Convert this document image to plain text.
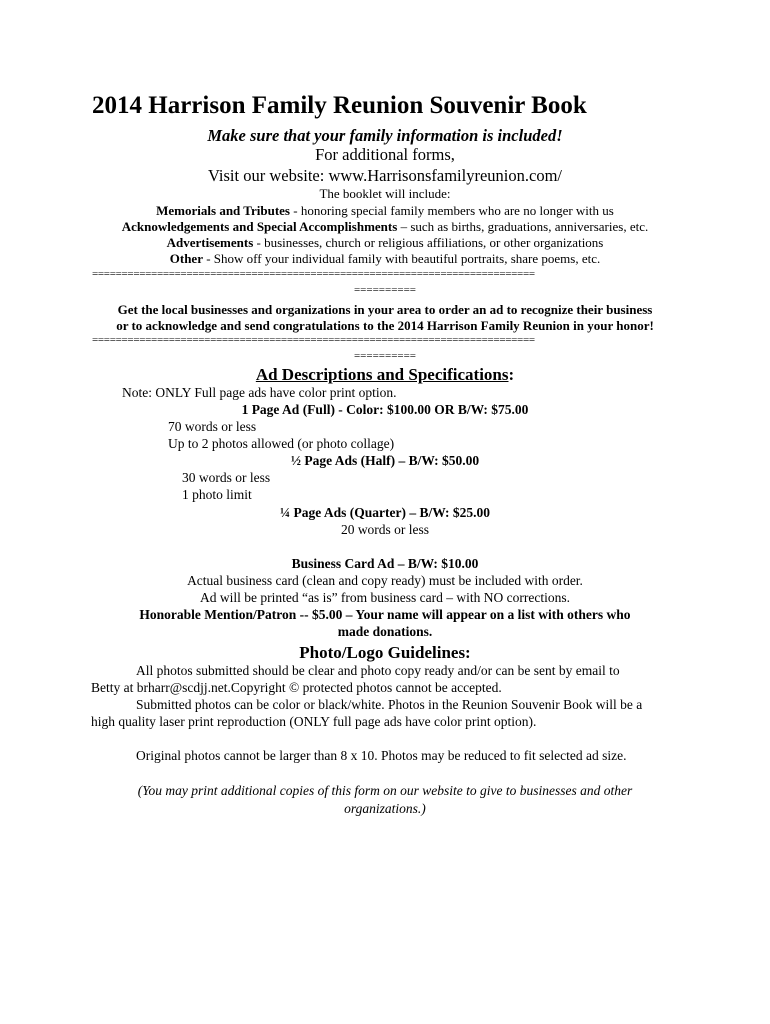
2014 Harrison Family Reunion Souvenir Book
Make sure that your family information is included!
For additional forms,
Visit our website: www.Harrisonsfamilyreunion.com/
The booklet will include:
Memorials and Tributes - honoring special family members who are no longer with us
Acknowledgements and Special Accomplishments – such as births, graduations, anniversaries, etc.
Advertisements - businesses, church or religious affiliations, or other organizations
Other - Show off your individual family with beautiful portraits, share poems, etc.
===========================================================================
==========
Get the local businesses and organizations in your area to order an ad to recognize their business
or to acknowledge and send congratulations to the 2014 Harrison Family Reunion in your honor!
===========================================================================
==========
Ad Descriptions and Specifications:
Note: ONLY Full page ads have color print option.
1 Page Ad (Full) - Color: $100.00 OR B/W: $75.00
70 words or less
Up to 2 photos allowed (or photo collage)
½ Page Ads (Half) – B/W: $50.00
30 words or less
1 photo limit
¼ Page Ads (Quarter) – B/W: $25.00
20 words or less
Business Card Ad – B/W: $10.00
Actual business card (clean and copy ready) must be included with order.
Ad will be printed “as is” from business card – with NO corrections.
Honorable Mention/Patron -- $5.00 – Your name will appear on a list with others who
made donations.
Photo/Logo Guidelines:
All photos submitted should be clear and photo copy ready and/or can be sent by email to
Betty at brharr@scdjj.net.Copyright © protected photos cannot be accepted.
Submitted photos can be color or black/white. Photos in the Reunion Souvenir Book will be a
high quality laser print reproduction (ONLY full page ads have color print option).
Original photos cannot be larger than 8 x 10. Photos may be reduced to fit selected ad size.
(You may print additional copies of this form on our website to give to businesses and other
organizations.)
